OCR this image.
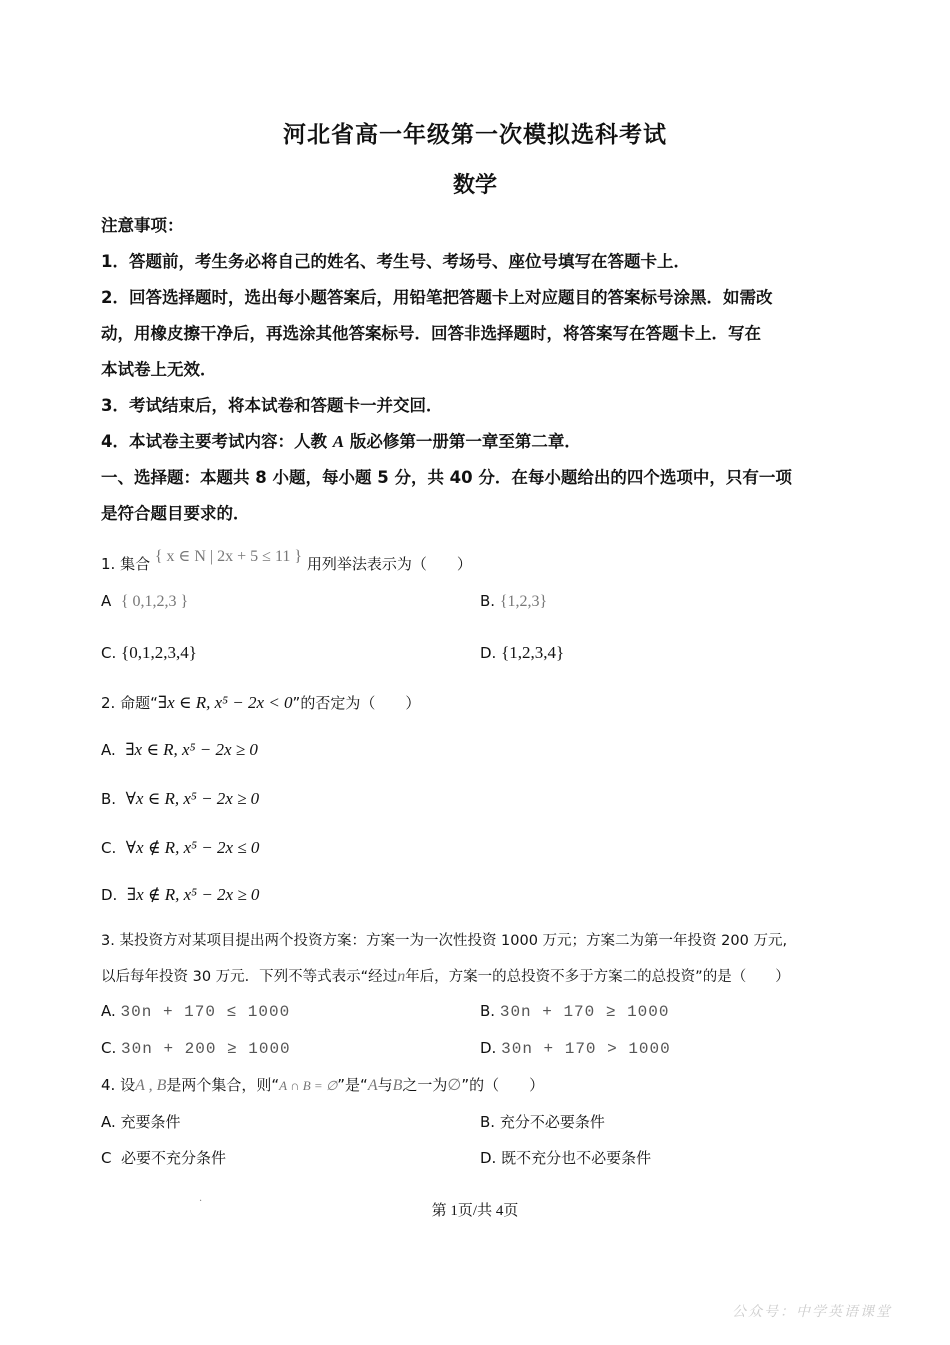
河北省高一年级第一次模拟选科考试
数学

注意事项：

1．答题前，考生务必将自己的姓名、考生号、考场号、座位号填写在答题卡上．

2．回答选择题时，选出每小题答案后，用铅笔把答题卡上对应题目的答案标号涂黑．如需改

动，用橡皮擦干净后，再选涂其他答案标号．回答非选择题时，将答案写在答题卡上．写在

本试卷上无效．

3．考试结束后，将本试卷和答题卡一并交回．

4．本试卷主要考试内容：人教 A 版必修第一册第一章至第二章．

一、选择题：本题共 8 小题，每小题 5 分，共 40 分．在每小题给出的四个选项中，只有一项

是符合题目要求的．

1. 集合 { x ∈ N | 2x + 5 ≤ 11 } 用列举法表示为（　　）
A { 0,1,2,3 }	B. {1,2,3}
C. {0,1,2,3,4}	D. {1,2,3,4}
2. 命题“∃x ∈ R, x⁵ − 2x < 0”的否定为（　　）
A. ∃x ∈ R, x⁵ − 2x ≥ 0
B. ∀x ∈ R, x⁵ − 2x ≥ 0
C. ∀x ∉ R, x⁵ − 2x ≤ 0
D. ∃x ∉ R, x⁵ − 2x ≥ 0
3. 某投资方对某项目提出两个投资方案：方案一为一次性投资 1000 万元；方案二为第一年投资 200 万元,
以后每年投资 30 万元．下列不等式表示“经过n年后，方案一的总投资不多于方案二的总投资”的是（　　）
A. 30n + 170 ≤ 1000	B. 30n + 170 ≥ 1000
C. 30n + 200 ≥ 1000	D. 30n + 170 > 1000
4. 设A , B是两个集合，则“A ∩ B = ∅”是“A与B之一为∅”的（　　）
A. 充要条件	B. 充分不必要条件
C 必要不充分条件	D. 既不充分也不必要条件
·
第 1页/共 4页
公众号：中学英语课堂
